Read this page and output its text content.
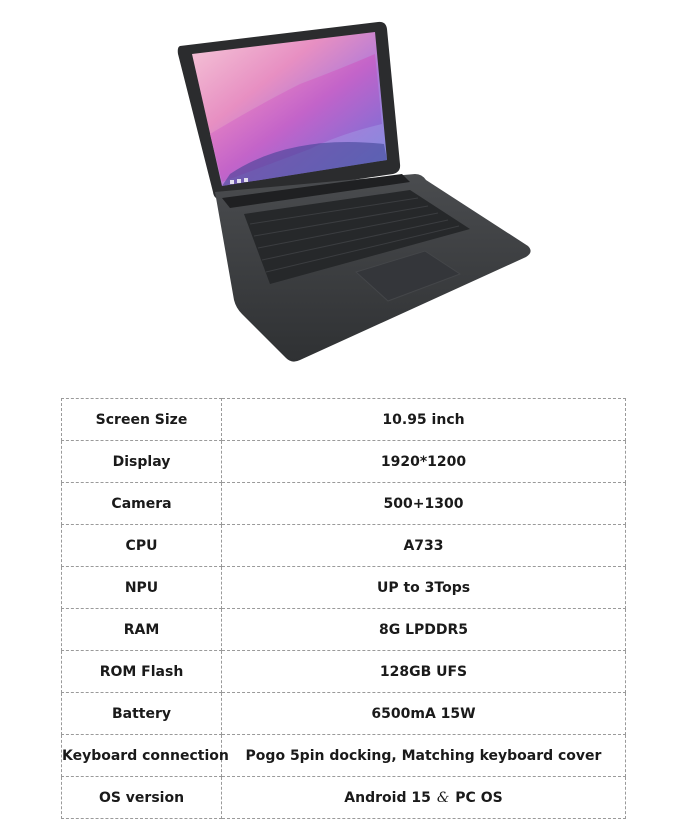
Screen Size	10.95 inch
Display	1920*1200
Camera	500+1300
CPU	A733
NPU	UP to 3Tops
RAM	8G LPDDR5
ROM Flash	128GB UFS
Battery	6500mA 15W
Keyboard connection	Pogo 5pin docking, Matching keyboard cover
OS version	Android 15 & PC OS
